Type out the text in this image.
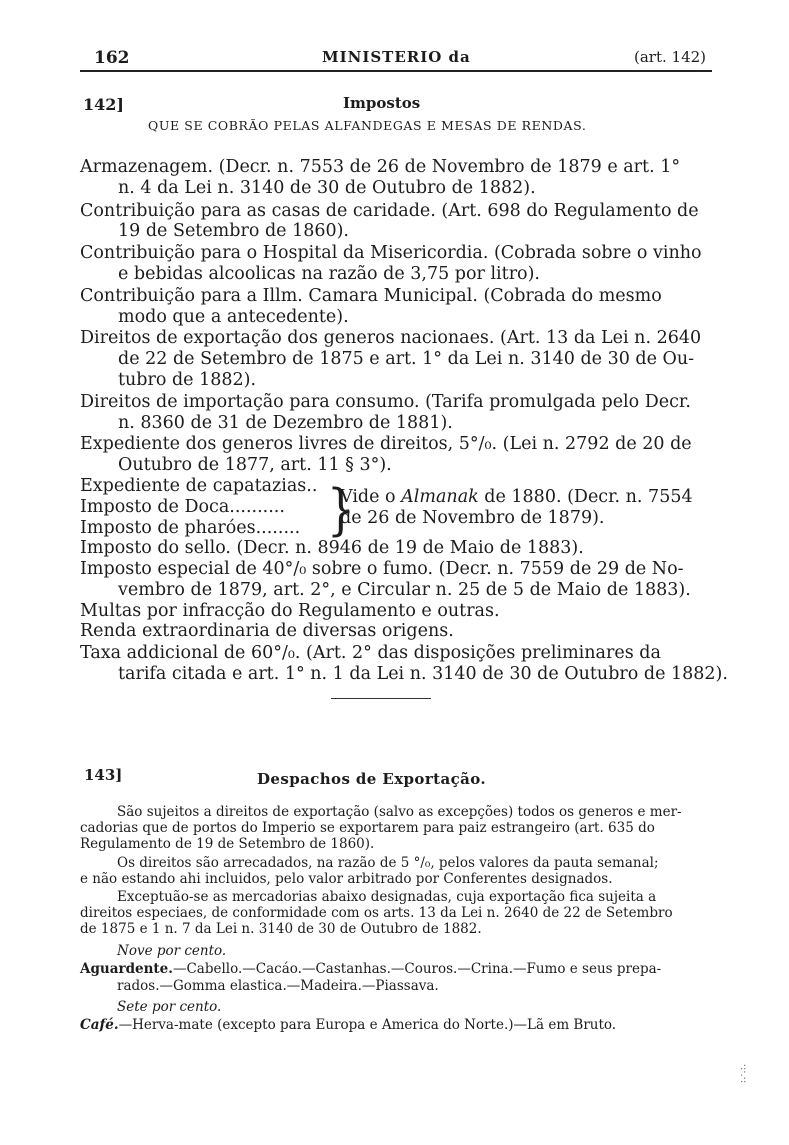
162	MINISTERIO da	(art. 142)
142]	Impostos
QUE SE COBRÃO PELAS ALFANDEGAS E MESAS DE RENDAS.
Armazenagem. (Decr. n. 7553 de 26 de Novembro de 1879 e art. 1°
n. 4 da Lei n. 3140 de 30 de Outubro de 1882).
Contribuição para as casas de caridade. (Art. 698 do Regulamento de
19 de Setembro de 1860).
Contribuição para o Hospital da Misericordia. (Cobrada sobre o vinho
e bebidas alcoolicas na razão de 3,75 por litro).
Contribuição para a Illm. Camara Municipal. (Cobrada do mesmo
modo que a antecedente).
Direitos de exportação dos generos nacionaes. (Art. 13 da Lei n. 2640
de 22 de Setembro de 1875 e art. 1° da Lei n. 3140 de 30 de Ou-
tubro de 1882).
Direitos de importação para consumo. (Tarifa promulgada pelo Decr.
n. 8360 de 31 de Dezembro de 1881).
Expediente dos generos livres de direitos, 5°/₀. (Lei n. 2792 de 20 de
Outubro de 1877, art. 11 § 3°).
Expediente de capatazias..
Imposto de Doca..........
Imposto de pharóes........ }
Vide o Almanak de 1880. (Decr. n. 7554
de 26 de Novembro de 1879).
Imposto do sello. (Decr. n. 8946 de 19 de Maio de 1883).
Imposto especial de 40°/₀ sobre o fumo. (Decr. n. 7559 de 29 de No-
vembro de 1879, art. 2°, e Circular n. 25 de 5 de Maio de 1883).
Multas por infracção do Regulamento e outras.
Renda extraordinaria de diversas origens.
Taxa addicional de 60°/₀. (Art. 2° das disposições preliminares da
tarifa citada e art. 1° n. 1 da Lei n. 3140 de 30 de Outubro de 1882).
143]	Despachos de Exportação.
São sujeitos a direitos de exportação (salvo as excepções) todos os generos e mer-
cadorias que de portos do Imperio se exportarem para paiz estrangeiro (art. 635 do
Regulamento de 19 de Setembro de 1860).
Os direitos são arrecadados, na razão de 5 °/₀, pelos valores da pauta semanal;
e não estando ahi incluidos, pelo valor arbitrado por Conferentes designados.
Exceptuão-se as mercadorias abaixo designadas, cuja exportação fica sujeita a
direitos especiaes, de conformidade com os arts. 13 da Lei n. 2640 de 22 de Setembro
de 1875 e 1 n. 7 da Lei n. 3140 de 30 de Outubro de 1882.
Nove por cento.
Aguardente.—Cabello.—Cacáo.—Castanhas.—Couros.—Crina.—Fumo e seus prepa-
rados.—Gomma elastica.—Madeira.—Piassava.
Sete por cento.
Café.—Herva-mate (excepto para Europa e America do Norte.)—Lã em Bruto.
·:·.·:
